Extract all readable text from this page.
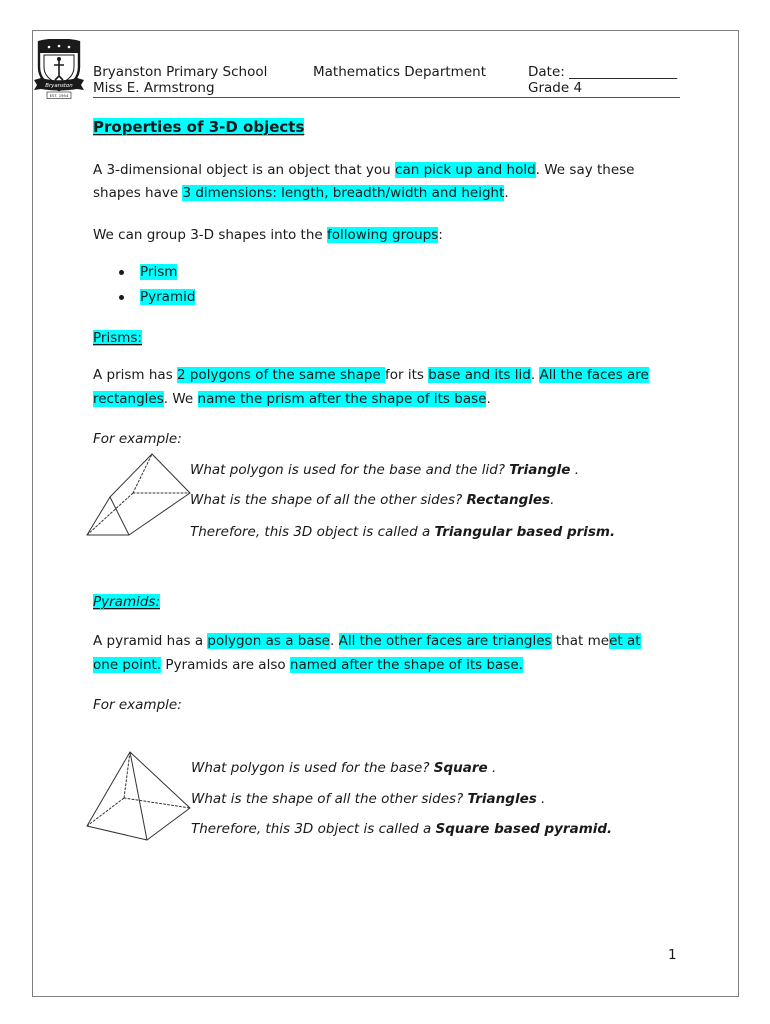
Bryanston
EST. 1954
Bryanston Primary School
Miss E. Armstrong
Mathematics Department	Date: ________________
Grade 4
Properties of 3-D objects
A 3-dimensional object is an object that you can pick up and hold. We say these
shapes have 3 dimensions: length, breadth/width and height.
We can group 3-D shapes into the following groups:
Prism
Pyramid
Prisms:
A prism has 2 polygons of the same shape for its base and its lid. All the faces are
rectangles. We name the prism after the shape of its base.
For example:
What polygon is used for the base and the lid? Triangle .
What is the shape of all the other sides? Rectangles.
Therefore, this 3D object is called a Triangular based prism.
Pyramids:
A pyramid has a polygon as a base. All the other faces are triangles that meet at
one point. Pyramids are also named after the shape of its base.
For example:
What polygon is used for the base? Square .
What is the shape of all the other sides? Triangles .
Therefore, this 3D object is called a Square based pyramid.
1
